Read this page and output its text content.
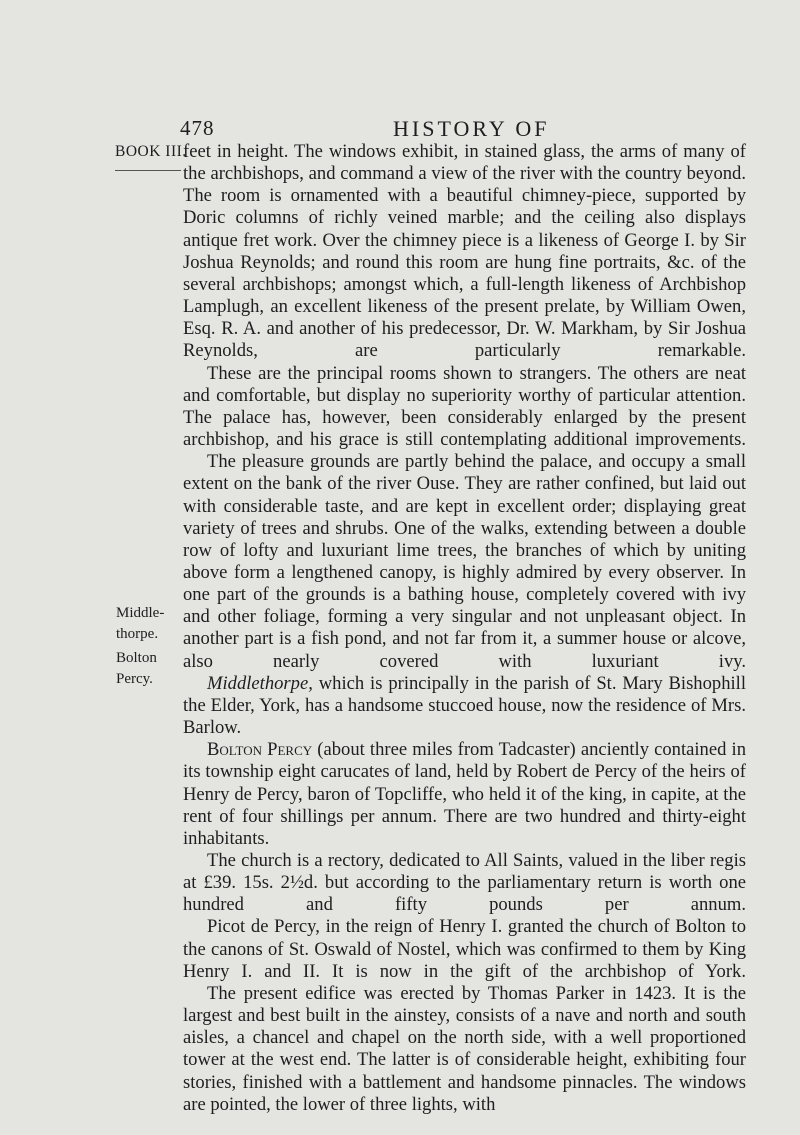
478	HISTORY OF
BOOK III.
Middle-thorpe.
Bolton Percy.

feet in height. The windows exhibit, in stained glass, the arms of many of the archbishops, and command a view of the river with the country beyond. The room is ornamented with a beautiful chimney-piece, supported by Doric columns of richly veined marble; and the ceiling also displays antique fret work. Over the chimney piece is a likeness of George I. by Sir Joshua Reynolds; and round this room are hung fine portraits, &c. of the several archbishops; amongst which, a full-length likeness of Archbishop Lamplugh, an excellent likeness of the present prelate, by William Owen, Esq. R. A. and another of his predecessor, Dr. W. Markham, by Sir Joshua Reynolds, are particularly remarkable.

These are the principal rooms shown to strangers. The others are neat and comfortable, but display no superiority worthy of particular attention. The palace has, however, been considerably enlarged by the present archbishop, and his grace is still contemplating additional improvements.

The pleasure grounds are partly behind the palace, and occupy a small extent on the bank of the river Ouse. They are rather confined, but laid out with considerable taste, and are kept in excellent order; displaying great variety of trees and shrubs. One of the walks, extending between a double row of lofty and luxuriant lime trees, the branches of which by uniting above form a lengthened canopy, is highly admired by every observer. In one part of the grounds is a bathing house, completely covered with ivy and other foliage, forming a very singular and not unpleasant object. In another part is a fish pond, and not far from it, a summer house or alcove, also nearly covered with luxuriant ivy.

Middlethorpe, which is principally in the parish of St. Mary Bishophill the Elder, York, has a handsome stuccoed house, now the residence of Mrs. Barlow.

Bolton Percy (about three miles from Tadcaster) anciently contained in its township eight carucates of land, held by Robert de Percy of the heirs of Henry de Percy, baron of Topcliffe, who held it of the king, in capite, at the rent of four shillings per annum. There are two hundred and thirty-eight inhabitants.

The church is a rectory, dedicated to All Saints, valued in the liber regis at £39. 15s. 2½d. but according to the parliamentary return is worth one hundred and fifty pounds per annum.

Picot de Percy, in the reign of Henry I. granted the church of Bolton to the canons of St. Oswald of Nostel, which was confirmed to them by King Henry I. and II. It is now in the gift of the archbishop of York.

The present edifice was erected by Thomas Parker in 1423. It is the largest and best built in the ainstey, consists of a nave and north and south aisles, a chancel and chapel on the north side, with a well proportioned tower at the west end. The latter is of considerable height, exhibiting four stories, finished with a battlement and handsome pinnacles. The windows are pointed, the lower of three lights, with
